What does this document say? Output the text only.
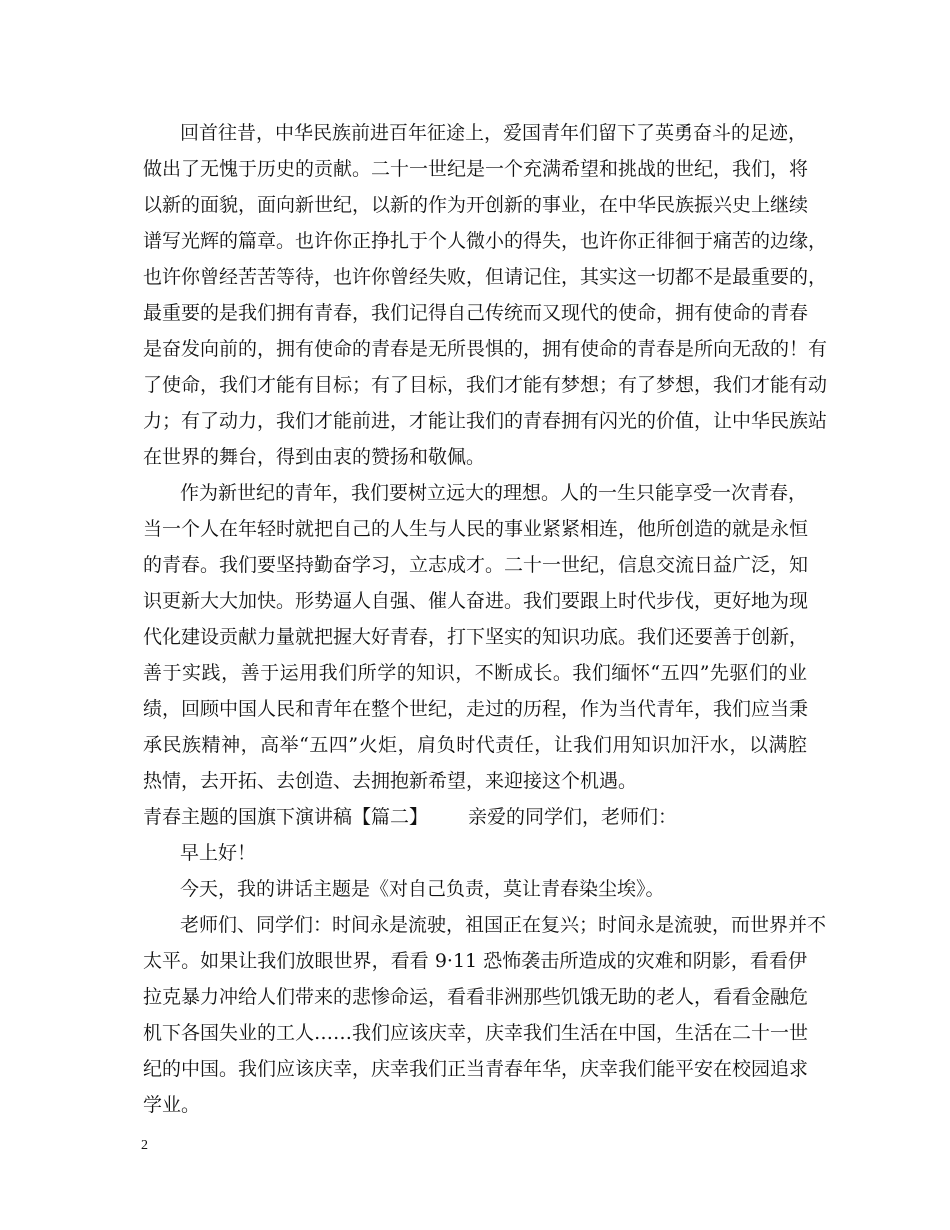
回首往昔，中华民族前进百年征途上，爱国青年们留下了英勇奋斗的足迹，
做出了无愧于历史的贡献。二十一世纪是一个充满希望和挑战的世纪，我们，将
以新的面貌，面向新世纪，以新的作为开创新的事业，在中华民族振兴史上继续
谱写光辉的篇章。也许你正挣扎于个人微小的得失，也许你正徘徊于痛苦的边缘，
也许你曾经苦苦等待，也许你曾经失败，但请记住，其实这一切都不是最重要的，
最重要的是我们拥有青春，我们记得自己传统而又现代的使命，拥有使命的青春
是奋发向前的，拥有使命的青春是无所畏惧的，拥有使命的青春是所向无敌的！有
了使命，我们才能有目标；有了目标，我们才能有梦想；有了梦想，我们才能有动
力；有了动力，我们才能前进，才能让我们的青春拥有闪光的价值，让中华民族站
在世界的舞台，得到由衷的赞扬和敬佩。
作为新世纪的青年，我们要树立远大的理想。人的一生只能享受一次青春，
当一个人在年轻时就把自己的人生与人民的事业紧紧相连，他所创造的就是永恒
的青春。我们要坚持勤奋学习，立志成才。二十一世纪，信息交流日益广泛，知
识更新大大加快。形势逼人自强、催人奋进。我们要跟上时代步伐，更好地为现
代化建设贡献力量就把握大好青春，打下坚实的知识功底。我们还要善于创新，
善于实践，善于运用我们所学的知识，不断成长。我们缅怀“五四”先驱们的业
绩，回顾中国人民和青年在整个世纪，走过的历程，作为当代青年，我们应当秉
承民族精神，高举“五四”火炬，肩负时代责任，让我们用知识加汗水，以满腔
热情，去开拓、去创造、去拥抱新希望，来迎接这个机遇。
青春主题的国旗下演讲稿【篇二】 亲爱的同学们，老师们：
早上好！
今天，我的讲话主题是《对自己负责，莫让青春染尘埃》。
老师们、同学们：时间永是流驶，祖国正在复兴；时间永是流驶，而世界并不
太平。如果让我们放眼世界，看看 9·11 恐怖袭击所造成的灾难和阴影，看看伊
拉克暴力冲给人们带来的悲惨命运，看看非洲那些饥饿无助的老人，看看金融危
机下各国失业的工人……我们应该庆幸，庆幸我们生活在中国，生活在二十一世
纪的中国。我们应该庆幸，庆幸我们正当青春年华，庆幸我们能平安在校园追求
学业。
2
